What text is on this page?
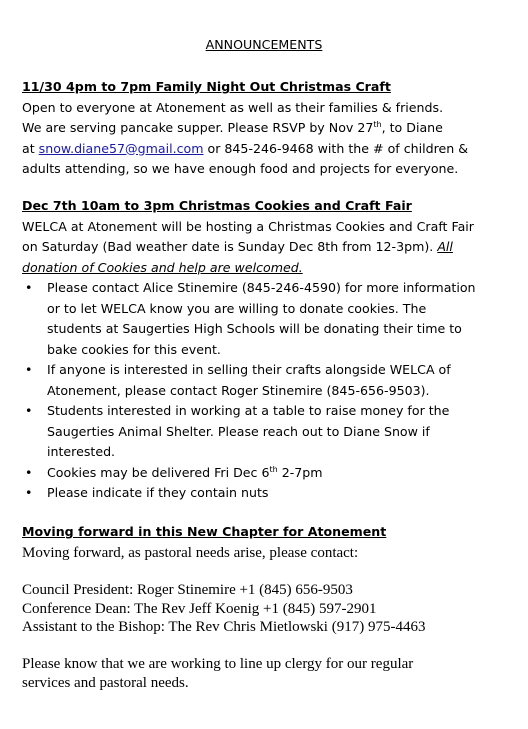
ANNOUNCEMENTS
11/30 4pm to 7pm Family Night Out Christmas Craft
Open to everyone at Atonement as well as their families & friends.
We are serving pancake supper. Please RSVP by Nov 27th, to Diane
at snow.diane57@gmail.com or 845-246-9468 with the # of children &
adults attending, so we have enough food and projects for everyone.
Dec 7th 10am to 3pm Christmas Cookies and Craft Fair
WELCA at Atonement will be hosting a Christmas Cookies and Craft Fair
on Saturday (Bad weather date is Sunday Dec 8th from 12-3pm). All
donation of Cookies and help are welcomed.
• Please contact Alice Stinemire (845-246-4590) for more information
or to let WELCA know you are willing to donate cookies. The
students at Saugerties High Schools will be donating their time to
bake cookies for this event.
• If anyone is interested in selling their crafts alongside WELCA of
Atonement, please contact Roger Stinemire (845-656-9503).
• Students interested in working at a table to raise money for the
Saugerties Animal Shelter. Please reach out to Diane Snow if
interested.
• Cookies may be delivered Fri Dec 6th 2-7pm
• Please indicate if they contain nuts
Moving forward in this New Chapter for Atonement
Moving forward, as pastoral needs arise, please contact:
Council President: Roger Stinemire +1 (845) 656-9503
Conference Dean: The Rev Jeff Koenig +1 (845) 597-2901
Assistant to the Bishop: The Rev Chris Mietlowski (917) 975-4463
Please know that we are working to line up clergy for our regular
services and pastoral needs.
